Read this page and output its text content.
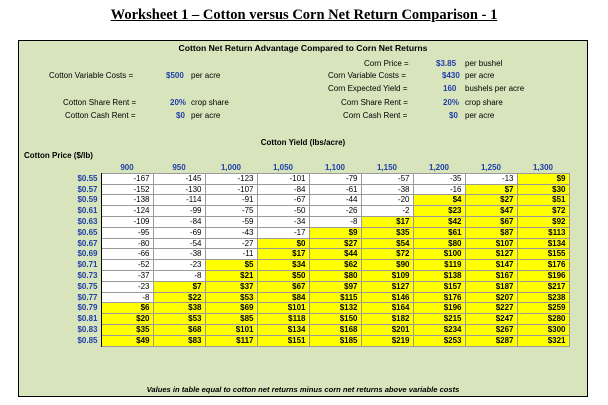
Worksheet 1 – Cotton versus Corn Net Return Comparison - 1
Cotton Net Return Advantage Compared to Corn Net Returns
Cotton Variable Costs =	$500 per acre
Cotton Share Rent =	20% crop share
Cotton Cash Rent =	$0 per acre
Corn Price =	$3.85 per bushel
Corn Variable Costs =	$430 per acre
Corn Expected Yield =	160 bushels per acre
Corn Share Rent =	20% crop share
Corn Cash Rent =	$0 per acre
Cotton Yield (lbs/acre)
Cotton Price ($/lb)
	900	950	1,000	1,050	1,100	1,150	1,200	1,250	1,300
$0.55	-167	-145	-123	-101	-79	-57	-35	-13	$9
$0.57	-152	-130	-107	-84	-61	-38	-16	$7	$30
$0.59	-138	-114	-91	-67	-44	-20	$4	$27	$51
$0.61	-124	-99	-75	-50	-26	-2	$23	$47	$72
$0.63	-109	-84	-59	-34	-8	$17	$42	$67	$92
$0.65	-95	-69	-43	-17	$9	$35	$61	$87	$113
$0.67	-80	-54	-27	$0	$27	$54	$80	$107	$134
$0.69	-66	-38	-11	$17	$44	$72	$100	$127	$155
$0.71	-52	-23	$5	$34	$62	$90	$119	$147	$176
$0.73	-37	-8	$21	$50	$80	$109	$138	$167	$196
$0.75	-23	$7	$37	$67	$97	$127	$157	$187	$217
$0.77	-8	$22	$53	$84	$115	$146	$176	$207	$238
$0.79	$6	$38	$69	$101	$132	$164	$196	$227	$259
$0.81	$20	$53	$85	$118	$150	$182	$215	$247	$280
$0.83	$35	$68	$101	$134	$168	$201	$234	$267	$300
$0.85	$49	$83	$117	$151	$185	$219	$253	$287	$321
Values in table equal to cotton net returns minus corn net returns above variable costs
